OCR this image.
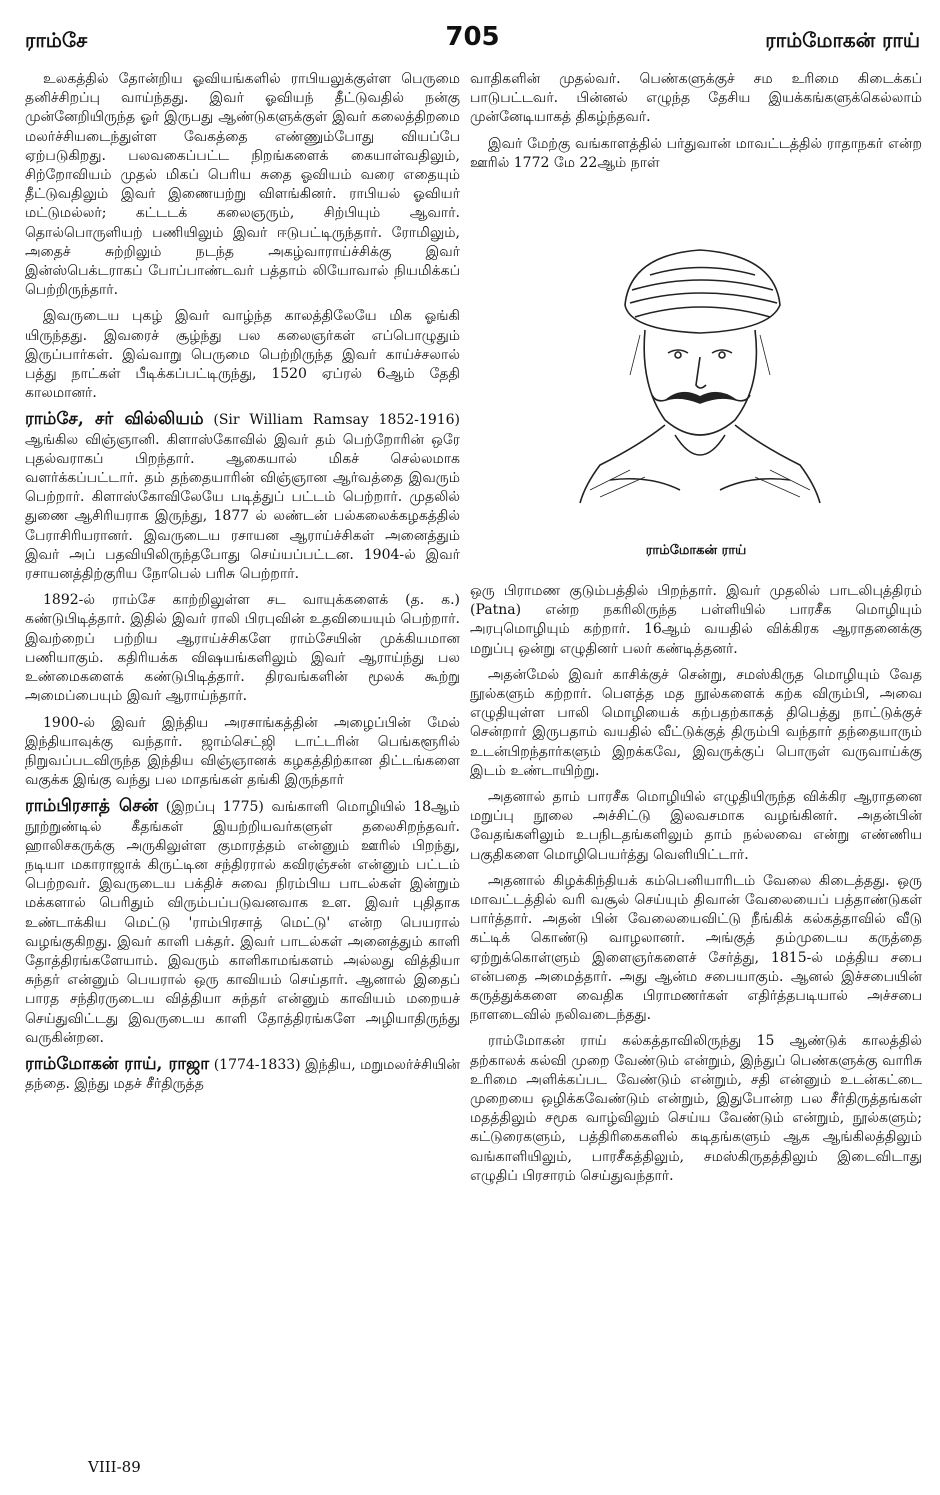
ராம்சே	705	ராம்மோகன் ராய்

உலகத்தில் தோன்றிய ஓவியங்களில் ராபியலுக்குள்ள பெருமை தனிச்சிறப்பு வாய்ந்தது. இவர் ஓவியந் தீட்டுவதில் நன்கு முன்னேறியிருந்த ஓர் இருபது ஆண்டுகளுக்குள் இவர் கலைத்திறமை மலர்ச்சியடைந்துள்ள வேகத்தை எண்ணும்போது வியப்பே ஏற்படுகிறது. பலவகைப்பட்ட நிறங்களைக் கையாள்வதிலும், சிற்றோவியம் முதல் மிகப் பெரிய சுதை ஓவியம் வரை எதையும் தீட்டுவதிலும் இவர் இணையற்று விளங்கினர். ராபியல் ஓவியர் மட்டுமல்லர்; கட்டடக் கலைஞரும், சிற்பியும் ஆவார். தொல்பொருளியற் பணியிலும் இவர் ஈடுபட்டிருந்தார். ரோமிலும், அதைச் சுற்றிலும் நடந்த அகழ்வாராய்ச்சிக்கு இவர் இன்ஸ்பெக்டராகப் போப்பாண்டவர் பத்தாம் லியோவால் நியமிக்கப் பெற்றிருந்தார்.

இவருடைய புகழ் இவர் வாழ்ந்த காலத்திலேயே மிக ஓங்கி யிருந்தது. இவரைச் சூழ்ந்து பல கலைஞர்கள் எப்பொழுதும் இருப்பார்கள். இவ்வாறு பெருமை பெற்றிருந்த இவர் காய்ச்சலால் பத்து நாட்கள் பீடிக்கப்பட்டிருந்து, 1520 ஏப்ரல் 6ஆம் தேதி காலமானர்.

ராம்சே, சர் வில்லியம் (Sir William Ramsay 1852-1916) ஆங்கில விஞ்ஞானி. கிளாஸ்கோவில் இவர் தம் பெற்றோரின் ஒரே புதல்வராகப் பிறந்தார். ஆகையால் மிகச் செல்லமாக வளர்க்கப்பட்டார். தம் தந்தையாரின் விஞ்ஞான ஆர்வத்தை இவரும் பெற்றார். கிளாஸ்கோவிலேயே படித்துப் பட்டம் பெற்றார். முதலில் துணை ஆசிரியராக இருந்து, 1877 ல் லண்டன் பல்கலைக்கழகத்தில் பேராசிரியரானர். இவருடைய ரசாயன ஆராய்ச்சிகள் அனைத்தும் இவர் அப் பதவியிலிருந்தபோது செய்யப்பட்டன. 1904-ல் இவர் ரசாயனத்திற்குரிய நோபெல் பரிசு பெற்றார்.

1892-ல் ராம்சே காற்றிலுள்ள சட வாயுக்களைக் (த. க.) கண்டுபிடித்தார். இதில் இவர் ராலி பிரபுவின் உதவியையும் பெற்றார். இவற்றைப் பற்றிய ஆராய்ச்சிகளே ராம்சேயின் முக்கியமான பணியாகும். கதிரியக்க விஷயங்களிலும் இவர் ஆராய்ந்து பல உண்மைகளைக் கண்டுபிடித்தார். திரவங்களின் மூலக் கூற்று அமைப்பையும் இவர் ஆராய்ந்தார்.

1900-ல் இவர் இந்திய அரசாங்கத்தின் அழைப்பின் மேல் இந்தியாவுக்கு வந்தார். ஜாம்செட்ஜி டாட்டரின் பெங்களூரில் நிறுவப்படவிருந்த இந்திய விஞ்ஞானக் கழகத்திற்கான திட்டங்களை வகுக்க இங்கு வந்து பல மாதங்கள் தங்கி இருந்தார்

ராம்பிரசாத் சென் (இறப்பு 1775) வங்காளி மொழியில் 18ஆம் நூற்றுண்டில் கீதங்கள் இயற்றியவர்களுள் தலைசிறந்தவர். ஹாலிசகருக்கு அருகிலுள்ள குமாரத்தம் என்னும் ஊரில் பிறந்து, நடியா மகாராஜாக் கிருட்டின சந்திரரால் கவிரஞ்சன் என்னும் பட்டம் பெற்றவர். இவருடைய பக்திச் சுவை நிரம்பிய பாடல்கள் இன்றும் மக்களால் பெரிதும் விரும்பப்படுவனவாக உள. இவர் புதிதாக உண்டாக்கிய மெட்டு 'ராம்பிரசாத் மெட்டு' என்ற பெயரால் வழங்குகிறது. இவர் காளி பக்தர். இவர் பாடல்கள் அனைத்தும் காளி தோத்திரங்களேயாம். இவரும் காளிகாமங்களம் அல்லது வித்தியா சுந்தர் என்னும் பெயரால் ஒரு காவியம் செய்தார். ஆனால் இதைப் பாரத சந்திரருடைய வித்தியா சுந்தர் என்னும் காவியம் மறையச் செய்துவிட்டது இவருடைய காளி தோத்திரங்களே அழியாதிருந்து வருகின்றன.

ராம்மோகன் ராய், ராஜா (1774-1833) இந்திய, மறுமலர்ச்சியின் தந்தை. இந்து மதச் சீர்திருத்த

வாதிகளின் முதல்வர். பெண்களுக்குச் சம உரிமை கிடைக்கப் பாடுபட்டவர். பின்னல் எழுந்த தேசிய இயக்கங்களுக்கெல்லாம் முன்னேடியாகத் திகழ்ந்தவர்.

இவர் மேற்கு வங்காளத்தில் பர்துவான் மாவட்டத்தில் ராதாநகர் என்ற ஊரில் 1772 மே 22ஆம் நாள்

ராம்மோகன் ராய்

ஒரு பிராமண குடும்பத்தில் பிறந்தார். இவர் முதலில் பாடலிபுத்திரம் (Patna) என்ற நகரிலிருந்த பள்ளியில் பாரசீக மொழியும் அரபுமொழியும் கற்றார். 16ஆம் வயதில் விக்கிரக ஆராதனைக்கு மறுப்பு ஒன்று எழுதினர் பலர் கண்டித்தனர்.

அதன்மேல் இவர் காசிக்குச் சென்று, சமஸ்கிருத மொழியும் வேத நூல்களும் கற்றார். பௌத்த மத நூல்களைக் கற்க விரும்பி, அவை எழுதியுள்ள பாலி மொழியைக் கற்பதற்காகத் திபெத்து நாட்டுக்குச் சென்றார் இருபதாம் வயதில் வீட்டுக்குத் திரும்பி வந்தார் தந்தையாரும் உடன்பிறந்தார்களும் இறக்கவே, இவருக்குப் பொருள் வருவாய்க்கு இடம் உண்டாயிற்று.

அதனால் தாம் பாரசீக மொழியில் எழுதியிருந்த விக்கிர ஆராதனை மறுப்பு நூலை அச்சிட்டு இலவசமாக வழங்கினர். அதன்பின் வேதங்களிலும் உபநிடதங்களிலும் தாம் நல்லவை என்று எண்ணிய பகுதிகளை மொழிபெயர்த்து வெளியிட்டார்.

அதனால் கிழக்கிந்தியக் கம்பெனியாரிடம் வேலை கிடைத்தது. ஒரு மாவட்டத்தில் வரி வசூல் செய்யும் திவான் வேலையைப் பத்தாண்டுகள் பார்த்தார். அதன் பின் வேலையைவிட்டு நீங்கிக் கல்கத்தாவில் வீடு கட்டிக் கொண்டு வாழலானர். அங்குத் தம்முடைய கருத்தை ஏற்றுக்கொள்ளும் இளைஞர்களைச் சேர்த்து, 1815-ல் மத்திய சபை என்பதை அமைத்தார். அது ஆன்ம சபையாகும். ஆனல் இச்சபையின் கருத்துக்களை வைதிக பிராமணர்கள் எதிர்த்தபடியால் அச்சபை நாளடைவில் நலிவடைந்தது.

ராம்மோகன் ராய் கல்கத்தாவிலிருந்து 15 ஆண்டுக் காலத்தில் தற்காலக் கல்வி முறை வேண்டும் என்றும், இந்துப் பெண்களுக்கு வாரிசு உரிமை அளிக்கப்பட வேண்டும் என்றும், சதி என்னும் உடன்கட்டை முறையை ஒழிக்கவேண்டும் என்றும், இதுபோன்ற பல சீர்திருத்தங்கள் மதத்திலும் சமூக வாழ்விலும் செய்ய வேண்டும் என்றும், நூல்களும்; கட்டுரைகளும், பத்திரிகைகளில் கடிதங்களும் ஆக ஆங்கிலத்திலும் வங்காளியிலும், பாரசீகத்திலும், சமஸ்கிருதத்திலும் இடைவிடாது எழுதிப் பிரசாரம் செய்துவந்தார்.

VIII-89
